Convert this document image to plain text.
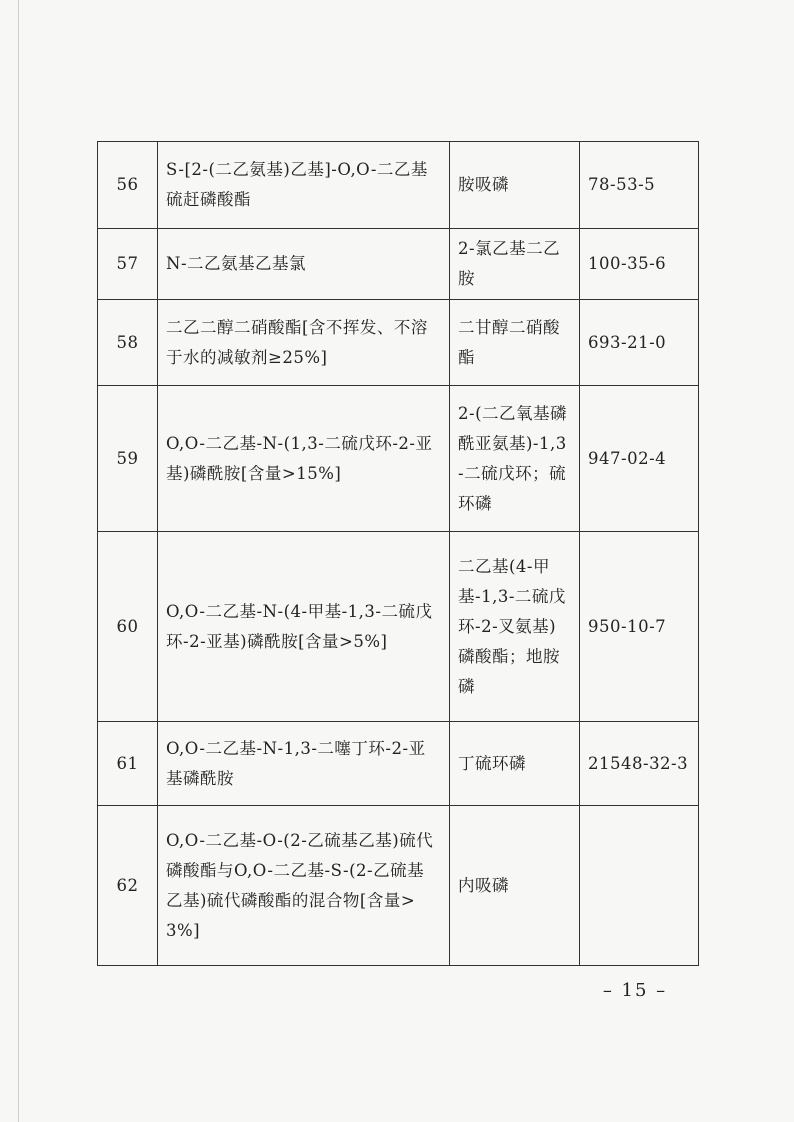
56	S-[2-(二乙氨基)乙基]-O,O-二乙基硫赶磷酸酯	胺吸磷	78-53-5
57	N-二乙氨基乙基氯	2-氯乙基二乙胺	100-35-6
58	二乙二醇二硝酸酯[含不挥发、不溶于水的减敏剂≥25%]	二甘醇二硝酸酯	693-21-0
59	O,O-二乙基-N-(1,3-二硫戊环-2-亚基)磷酰胺[含量>15%]	2-(二乙氧基磷酰亚氨基)-1,3-二硫戊环；硫环磷	947-02-4
60	O,O-二乙基-N-(4-甲基-1,3-二硫戊环-2-亚基)磷酰胺[含量>5%]	二乙基(4-甲基-1,3-二硫戊环-2-叉氨基)磷酸酯；地胺磷	950-10-7
61	O,O-二乙基-N-1,3-二噻丁环-2-亚基磷酰胺	丁硫环磷	21548-32-3
62	O,O-二乙基-O-(2-乙硫基乙基)硫代磷酸酯与O,O-二乙基-S-(2-乙硫基乙基)硫代磷酸酯的混合物[含量>3%]	内吸磷	
– 15 –
